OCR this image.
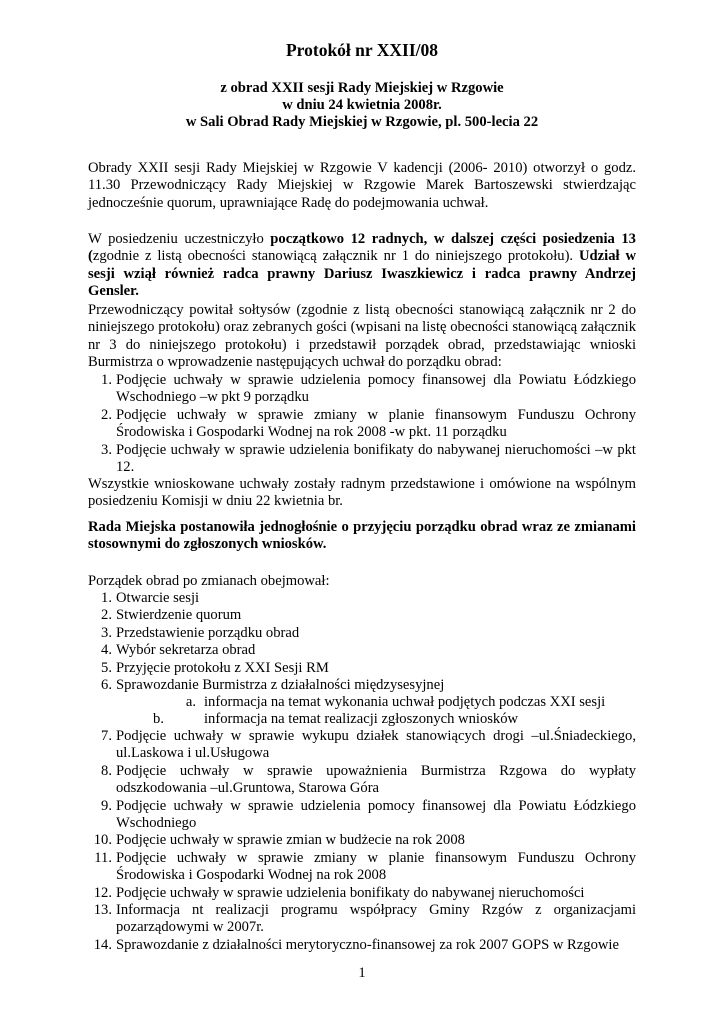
Protokół nr XXII/08
z obrad XXII sesji Rady Miejskiej w Rzgowie
w dniu 24 kwietnia 2008r.
w Sali Obrad Rady Miejskiej w Rzgowie, pl. 500-lecia 22

Obrady XXII sesji Rady Miejskiej w Rzgowie V kadencji (2006- 2010) otworzył o godz. 11.30 Przewodniczący Rady Miejskiej w Rzgowie Marek Bartoszewski stwierdzając jednocześnie quorum, uprawniające Radę do podejmowania uchwał.

W posiedzeniu uczestniczyło początkowo 12 radnych, w dalszej części posiedzenia 13 (zgodnie z listą obecności stanowiącą załącznik nr 1 do niniejszego protokołu). Udział w sesji wziął również radca prawny Dariusz Iwaszkiewicz i radca prawny Andrzej Gensler.

Przewodniczący powitał sołtysów (zgodnie z listą obecności stanowiącą załącznik nr 2 do niniejszego protokołu) oraz zebranych gości (wpisani na listę obecności stanowiącą załącznik nr 3 do niniejszego protokołu) i przedstawił porządek obrad, przedstawiając wnioski Burmistrza o wprowadzenie następujących uchwał do porządku obrad:

1. Podjęcie uchwały w sprawie udzielenia pomocy finansowej dla Powiatu Łódzkiego Wschodniego –w pkt 9 porządku
2. Podjęcie uchwały w sprawie zmiany w planie finansowym Funduszu Ochrony Środowiska i Gospodarki Wodnej na rok 2008 -w pkt. 11 porządku
3. Podjęcie uchwały w sprawie udzielenia bonifikaty do nabywanej nieruchomości –w pkt 12.

Wszystkie wnioskowane uchwały zostały radnym przedstawione i omówione na wspólnym posiedzeniu Komisji w dniu 22 kwietnia br.

Rada Miejska postanowiła jednogłośnie o przyjęciu porządku obrad wraz ze zmianami stosownymi do zgłoszonych wniosków.

Porządek obrad po zmianach obejmował:

1. Otwarcie sesji
2. Stwierdzenie quorum
3. Przedstawienie porządku obrad
4. Wybór sekretarza obrad
5. Przyjęcie protokołu z XXI Sesji RM
6. Sprawozdanie Burmistrza z działalności międzysesyjnej
a. informacja na temat wykonania uchwał podjętych podczas XXI sesji
b.	informacja na temat realizacji zgłoszonych wniosków
7. Podjęcie uchwały w sprawie wykupu działek stanowiących drogi –ul.Śniadeckiego, ul.Laskowa i ul.Usługowa
8. Podjęcie uchwały w sprawie upoważnienia Burmistrza Rzgowa do wypłaty odszkodowania –ul.Gruntowa, Starowa Góra
9. Podjęcie uchwały w sprawie udzielenia pomocy finansowej dla Powiatu Łódzkiego Wschodniego
10. Podjęcie uchwały w sprawie zmian w budżecie na rok 2008
11. Podjęcie uchwały w sprawie zmiany w planie finansowym Funduszu Ochrony Środowiska i Gospodarki Wodnej na rok 2008
12. Podjęcie uchwały w sprawie udzielenia bonifikaty do nabywanej nieruchomości
13. Informacja nt realizacji programu współpracy Gminy Rzgów z organizacjami pozarządowymi w 2007r.
14. Sprawozdanie z działalności merytoryczno-finansowej za rok 2007 GOPS w Rzgowie
1
